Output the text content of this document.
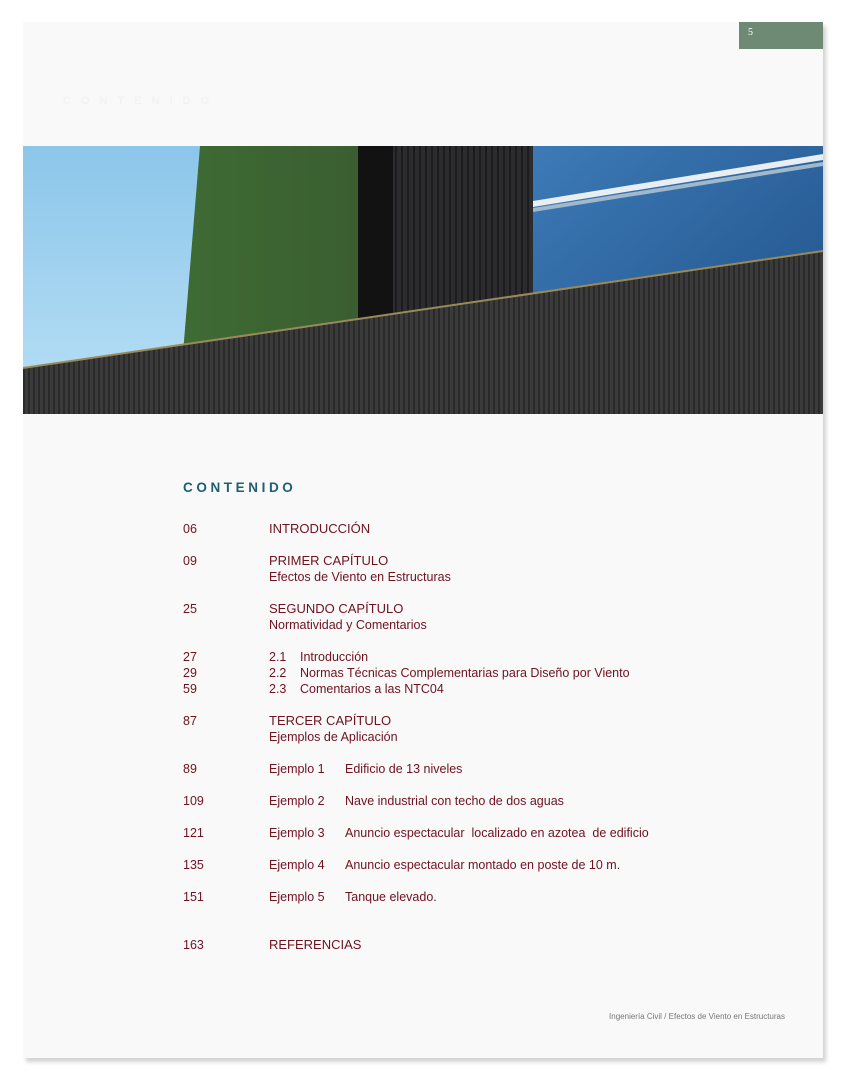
5
CONTENIDO
CONTENIDO
06	INTRODUCCIÓN
09	PRIMER CAPÍTULO
Efectos de Viento en Estructuras
25	SEGUNDO CAPÍTULO
Normatividad y Comentarios
27	2.1 Introducción
29	2.2 Normas Técnicas Complementarias para Diseño por Viento
59	2.3 Comentarios a las NTC04
87	TERCER CAPÍTULO
Ejemplos de Aplicación
89	Ejemplo 1 Edificio de 13 niveles
109	Ejemplo 2 Nave industrial con techo de dos aguas
121	Ejemplo 3 Anuncio espectacular  localizado en azotea  de edificio
135	Ejemplo 4 Anuncio espectacular montado en poste de 10 m.
151	Ejemplo 5 Tanque elevado.
163	REFERENCIAS
Ingeniería Civil / Efectos de Viento en Estructuras
